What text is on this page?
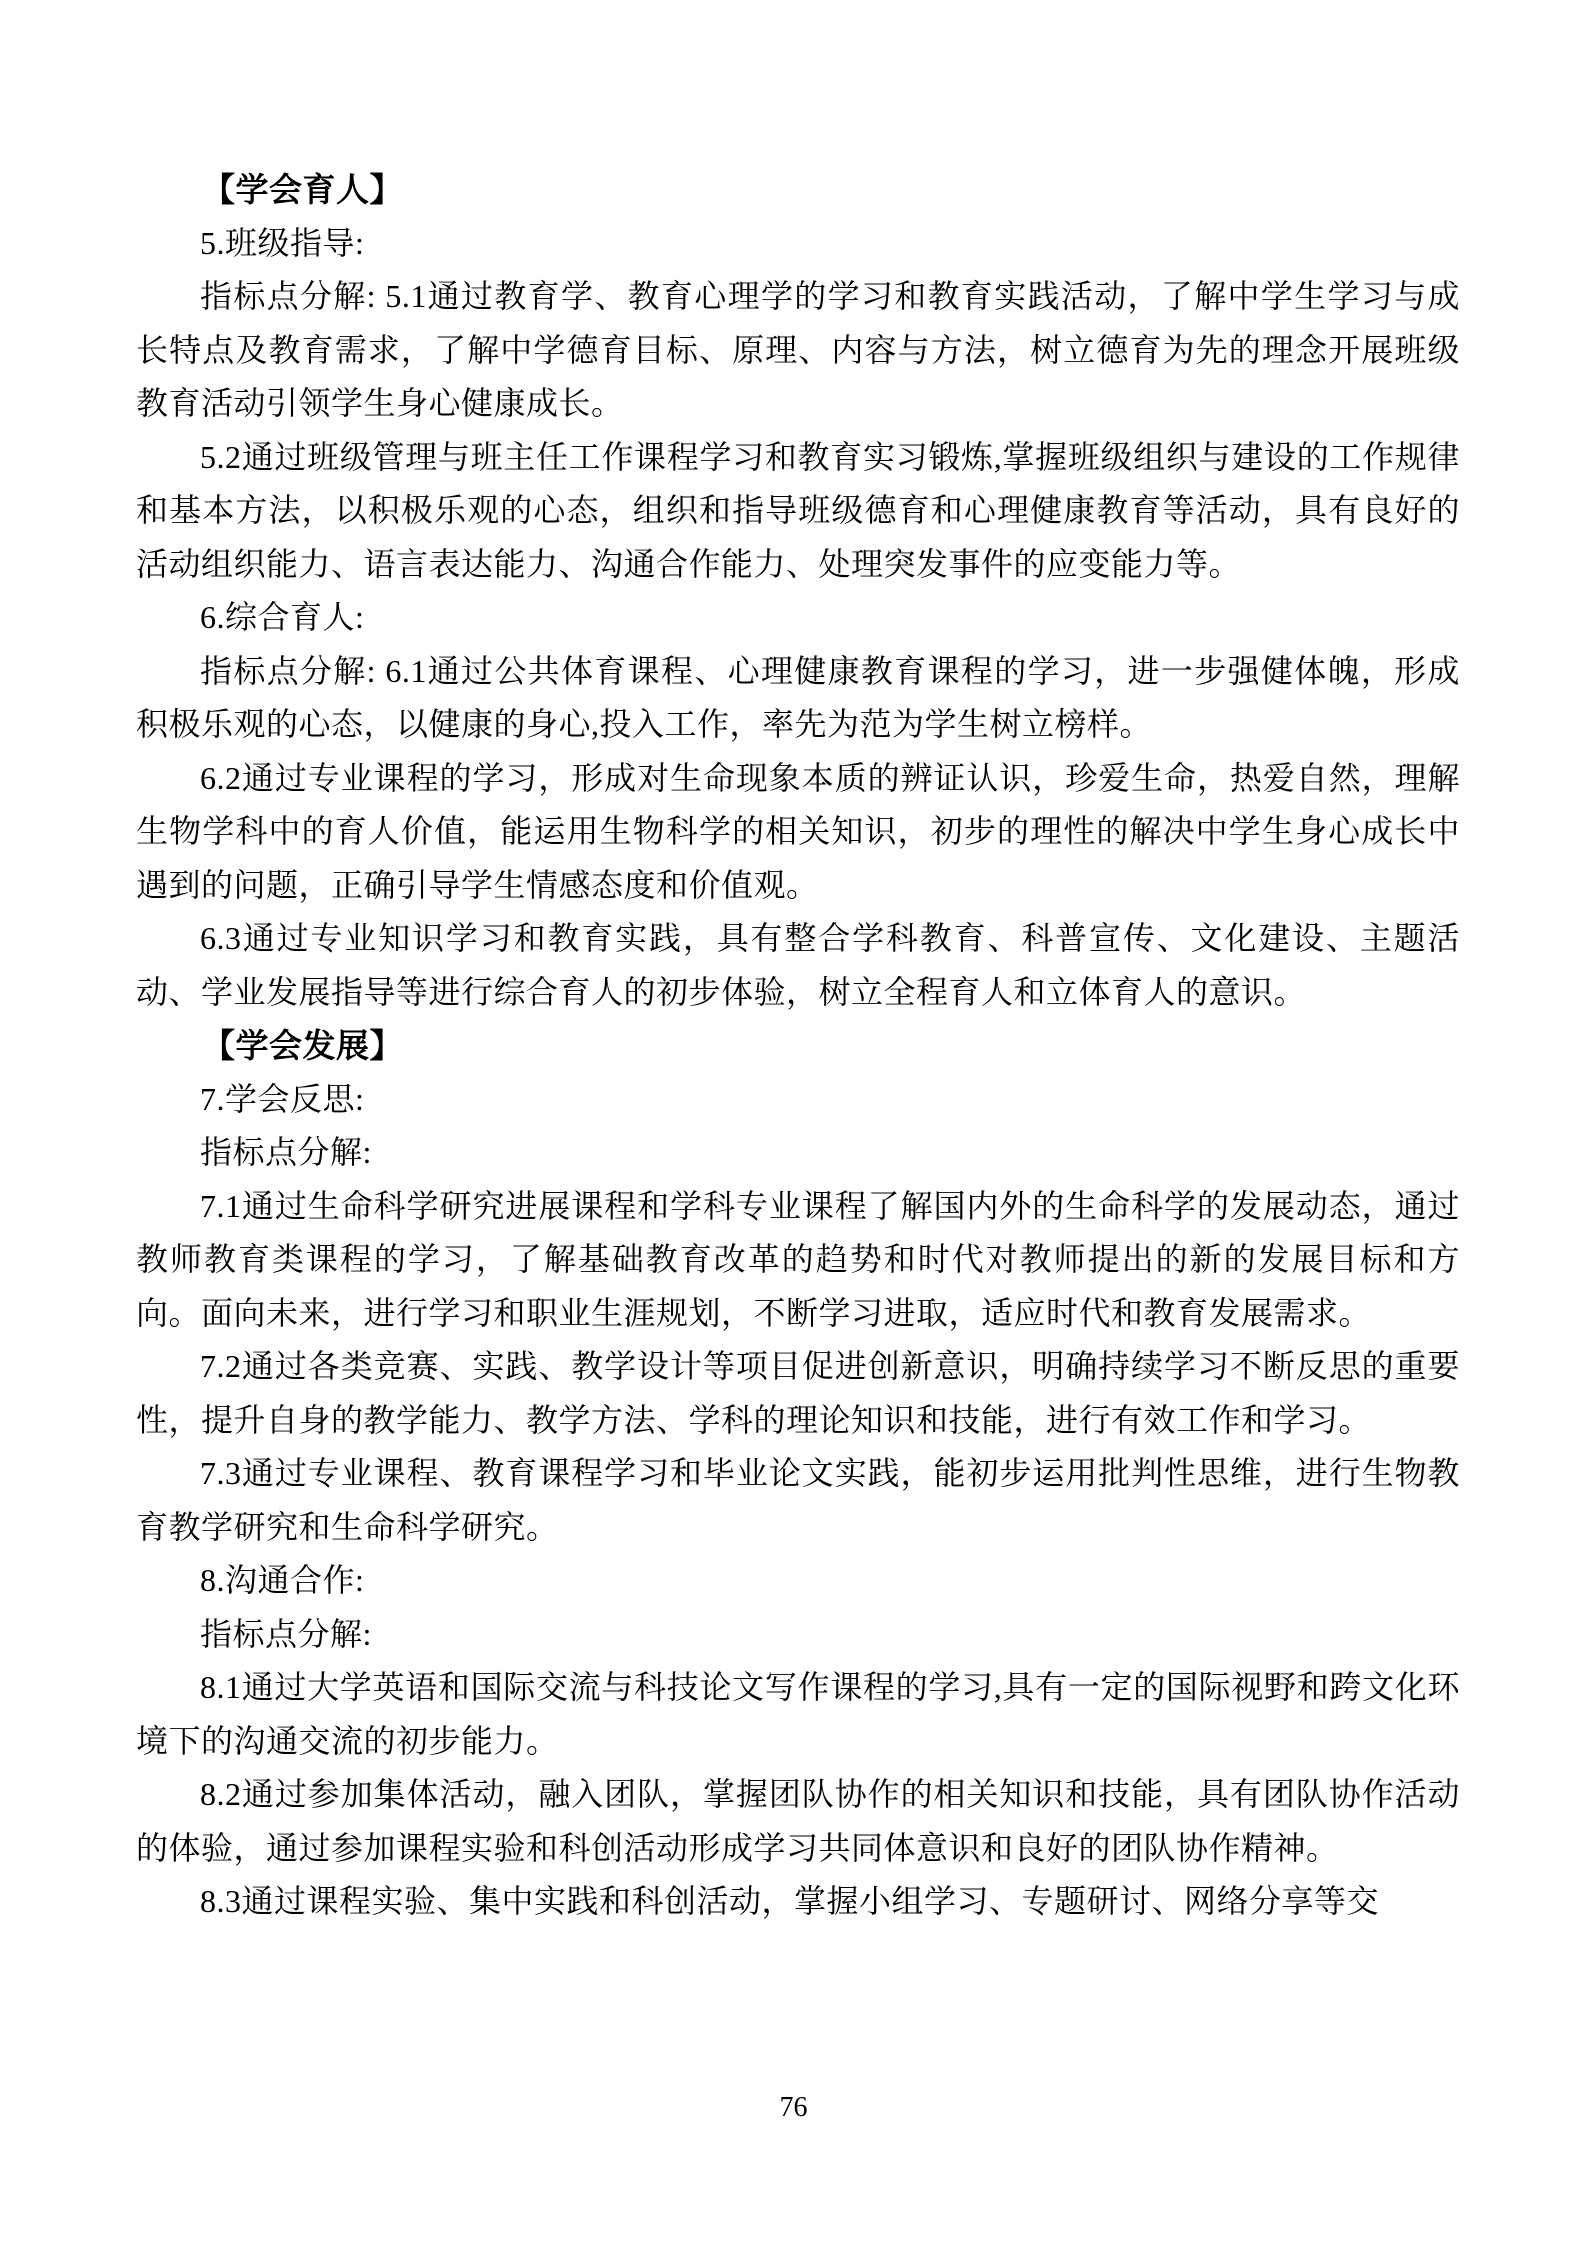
【学会育人】

5.班级指导:

指标点分解: 5.1通过教育学、教育心理学的学习和教育实践活动，了解中学生学习与成长特点及教育需求，了解中学德育目标、原理、内容与方法，树立德育为先的理念开展班级教育活动引领学生身心健康成长。

5.2通过班级管理与班主任工作课程学习和教育实习锻炼,掌握班级组织与建设的工作规律和基本方法，以积极乐观的心态，组织和指导班级德育和心理健康教育等活动，具有良好的活动组织能力、语言表达能力、沟通合作能力、处理突发事件的应变能力等。

6.综合育人:

指标点分解: 6.1通过公共体育课程、心理健康教育课程的学习，进一步强健体魄，形成积极乐观的心态，以健康的身心,投入工作，率先为范为学生树立榜样。

6.2通过专业课程的学习，形成对生命现象本质的辨证认识，珍爱生命，热爱自然，理解生物学科中的育人价值，能运用生物科学的相关知识，初步的理性的解决中学生身心成长中遇到的问题，正确引导学生情感态度和价值观。

6.3通过专业知识学习和教育实践，具有整合学科教育、科普宣传、文化建设、主题活动、学业发展指导等进行综合育人的初步体验，树立全程育人和立体育人的意识。

【学会发展】

7.学会反思:

指标点分解:

7.1通过生命科学研究进展课程和学科专业课程了解国内外的生命科学的发展动态，通过教师教育类课程的学习，了解基础教育改革的趋势和时代对教师提出的新的发展目标和方向。面向未来，进行学习和职业生涯规划，不断学习进取，适应时代和教育发展需求。

7.2通过各类竞赛、实践、教学设计等项目促进创新意识，明确持续学习不断反思的重要性，提升自身的教学能力、教学方法、学科的理论知识和技能，进行有效工作和学习。

7.3通过专业课程、教育课程学习和毕业论文实践，能初步运用批判性思维，进行生物教育教学研究和生命科学研究。

8.沟通合作:

指标点分解:

8.1通过大学英语和国际交流与科技论文写作课程的学习,具有一定的国际视野和跨文化环境下的沟通交流的初步能力。

8.2通过参加集体活动，融入团队，掌握团队协作的相关知识和技能，具有团队协作活动的体验，通过参加课程实验和科创活动形成学习共同体意识和良好的团队协作精神。

8.3通过课程实验、集中实践和科创活动，掌握小组学习、专题研讨、网络分享等交

76
